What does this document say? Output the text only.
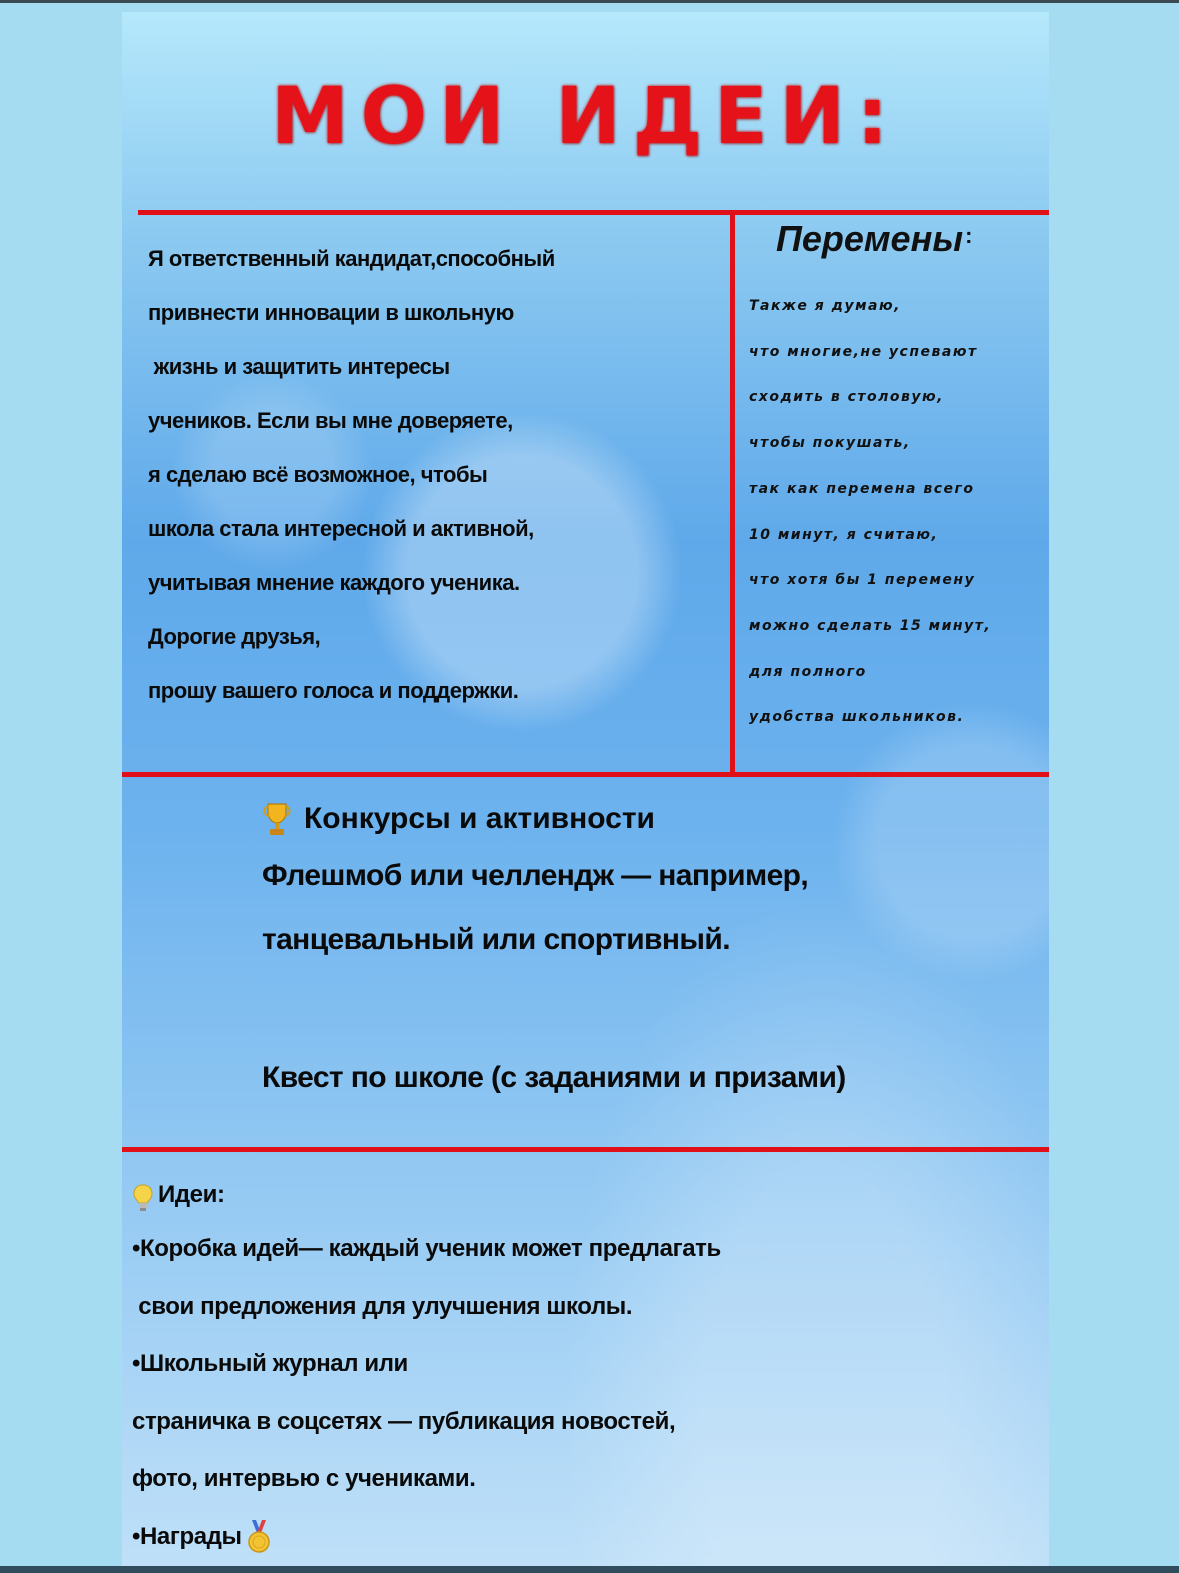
МОИ ИДЕИ:
Я ответственный кандидат,способный
привнести инновации в школьную
жизнь и защитить интересы
учеников. Если вы мне доверяете,
я сделаю всё возможное, чтобы
школа стала интересной и активной,
учитывая мнение каждого ученика.
Дорогие друзья,
прошу вашего голоса и поддержки.
Перемены:
Также я думаю,
что многие,не успевают
сходить в столовую,
чтобы покушать,
так как перемена всего
10 минут, я считаю,
что хотя бы 1 перемену
можно сделать 15 минут,
для полного
удобства школьников.
Конкурсы и активности
Флешмоб или челлендж — например,
танцевальный или спортивный.
Квест по школе (с заданиями и призами)
Идеи:
•Коробка идей— каждый ученик может предлагать
свои предложения для улучшения школы.
•Школьный журнал или
страничка в соцсетях — публикация новостей,
фото, интервью с учениками.
•Награды
